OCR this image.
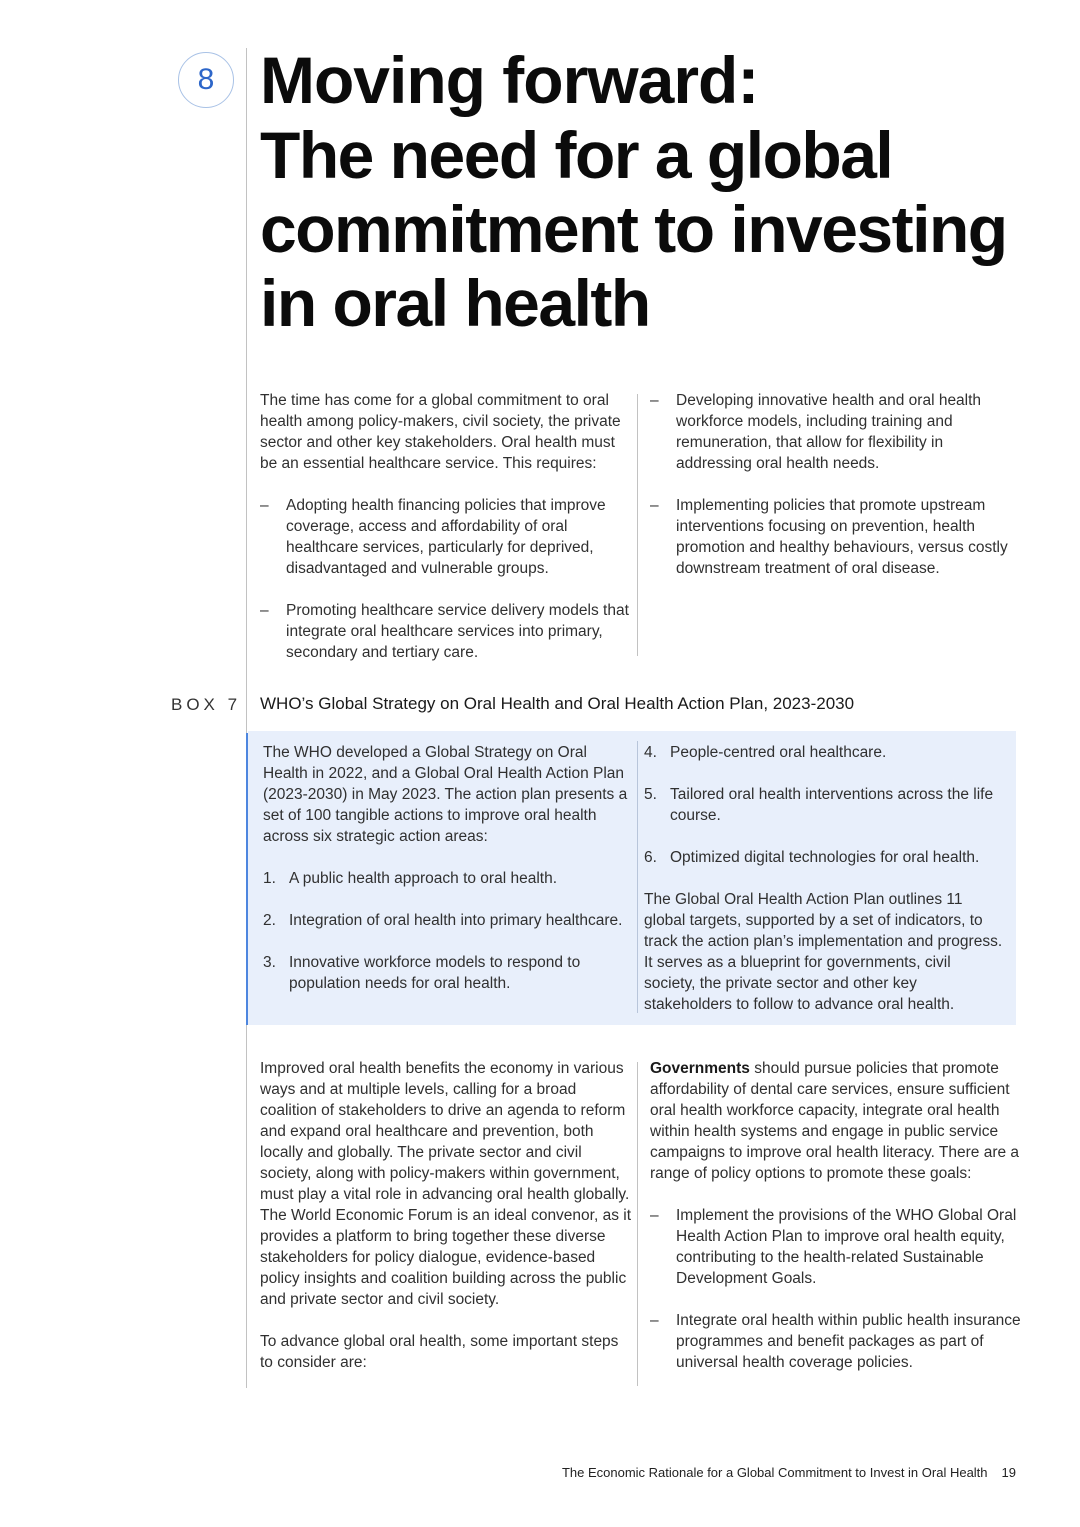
8 Moving forward:
The need for a global commitment to investing in oral health

The time has come for a global commitment to oral health among policy-makers, civil society, the private sector and other key stakeholders. Oral health must be an essential healthcare service. This requires:

– Adopting health financing policies that improve coverage, access and affordability of oral healthcare services, particularly for deprived, disadvantaged and vulnerable groups.
– Promoting healthcare service delivery models that integrate oral healthcare services into primary, secondary and tertiary care.
– Developing innovative health and oral health workforce models, including training and remuneration, that allow for flexibility in addressing oral health needs.
– Implementing policies that promote upstream interventions focusing on prevention, health promotion and healthy behaviours, versus costly downstream treatment of oral disease.
BOX 7 WHO’s Global Strategy on Oral Health and Oral Health Action Plan, 2023-2030

The WHO developed a Global Strategy on Oral Health in 2022, and a Global Oral Health Action Plan (2023-2030) in May 2023. The action plan presents a set of 100 tangible actions to improve oral health across six strategic action areas:

1. A public health approach to oral health.
2. Integration of oral health into primary healthcare.
3. Innovative workforce models to respond to population needs for oral health.
4. People-centred oral healthcare.
5. Tailored oral health interventions across the life course.
6. Optimized digital technologies for oral health.

The Global Oral Health Action Plan outlines 11 global targets, supported by a set of indicators, to track the action plan’s implementation and progress. It serves as a blueprint for governments, civil society, the private sector and other key stakeholders to follow to advance oral health.

Improved oral health benefits the economy in various ways and at multiple levels, calling for a broad coalition of stakeholders to drive an agenda to reform and expand oral healthcare and prevention, both locally and globally. The private sector and civil society, along with policy-makers within government, must play a vital role in advancing oral health globally. The World Economic Forum is an ideal convenor, as it provides a platform to bring together these diverse stakeholders for policy dialogue, evidence-based policy insights and coalition building across the public and private sector and civil society.

To advance global oral health, some important steps to consider are:

Governments should pursue policies that promote affordability of dental care services, ensure sufficient oral health workforce capacity, integrate oral health within health systems and engage in public service campaigns to improve oral health literacy. There are a range of policy options to promote these goals:

– Implement the provisions of the WHO Global Oral Health Action Plan to improve oral health equity, contributing to the health-related Sustainable Development Goals.
– Integrate oral health within public health insurance programmes and benefit packages as part of universal health coverage policies.
The Economic Rationale for a Global Commitment to Invest in Oral Health 19
